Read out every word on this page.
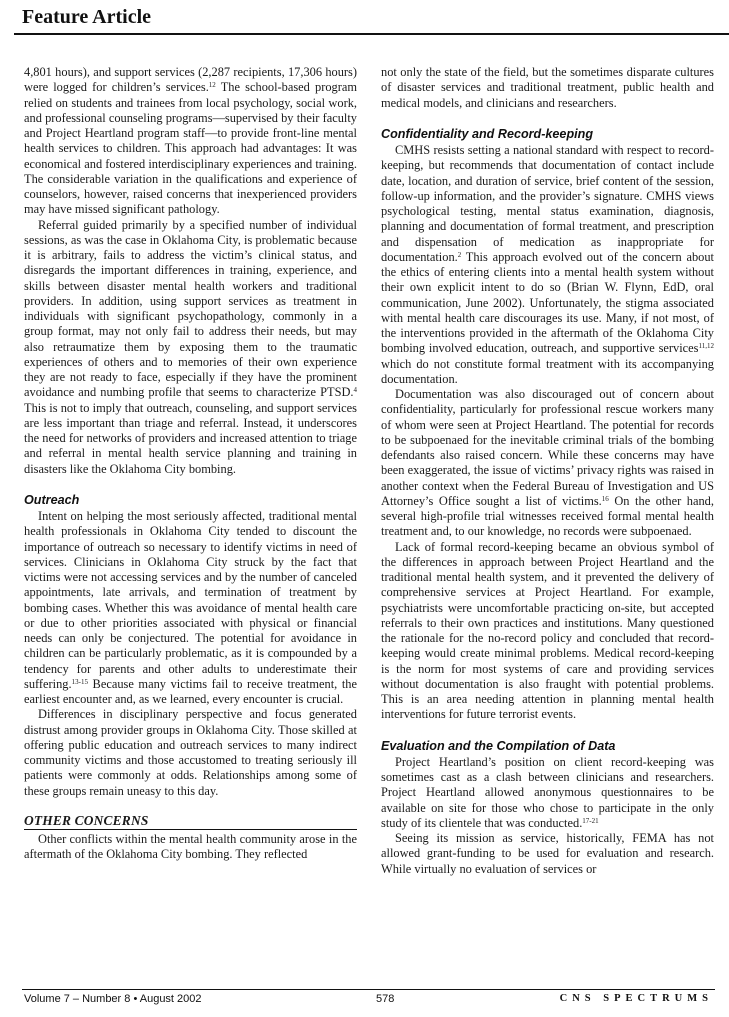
Feature Article

4,801 hours), and support services (2,287 recipients, 17,306 hours) were logged for children’s services.$^{12}$ The school-based program relied on students and trainees from local psychology, social work, and professional counseling programs—supervised by their faculty and Project Heartland program staff—to provide front-line mental health services to children. This approach had advantages: It was economical and fostered interdisciplinary experiences and training. The considerable variation in the qualifications and experience of counselors, however, raised concerns that inexperienced providers may have missed significant pathology.

Referral guided primarily by a specified number of individual sessions, as was the case in Oklahoma City, is problematic because it is arbitrary, fails to address the victim’s clinical status, and disregards the important differences in training, experience, and skills between disaster mental health workers and traditional providers. In addition, using support services as treatment in individuals with significant psychopathology, commonly in a group format, may not only fail to address their needs, but may also retraumatize them by exposing them to the traumatic experiences of others and to memories of their own experience they are not ready to face, especially if they have the prominent avoidance and numbing profile that seems to characterize PTSD.$^4$ This is not to imply that outreach, counseling, and support services are less important than triage and referral. Instead, it underscores the need for networks of providers and increased attention to triage and referral in mental health service planning and training in disasters like the Oklahoma City bombing.

Outreach

Intent on helping the most seriously affected, traditional mental health professionals in Oklahoma City tended to discount the importance of outreach so necessary to identify victims in need of services. Clinicians in Oklahoma City struck by the fact that victims were not accessing services and by the number of canceled appointments, late arrivals, and termination of treatment by bombing cases. Whether this was avoidance of mental health care or due to other priorities associated with physical or financial needs can only be conjectured. The potential for avoidance in children can be particularly problematic, as it is compounded by a tendency for parents and other adults to underestimate their suffering.$^{13-15}$ Because many victims fail to receive treatment, the earliest encounter and, as we learned, every encounter is crucial.

Differences in disciplinary perspective and focus generated distrust among provider groups in Oklahoma City. Those skilled at offering public education and outreach services to many indirect community victims and those accustomed to treating seriously ill patients were commonly at odds. Relationships among some of these groups remain uneasy to this day.

OTHER CONCERNS

Other conflicts within the mental health community arose in the aftermath of the Oklahoma City bombing. They reflected

not only the state of the field, but the sometimes disparate cultures of disaster services and traditional treatment, public health and medical models, and clinicians and researchers.

Confidentiality and Record-keeping

CMHS resists setting a national standard with respect to record-keeping, but recommends that documentation of contact include date, location, and duration of service, brief content of the session, follow-up information, and the provider’s signature. CMHS views psychological testing, mental status examination, diagnosis, planning and documentation of formal treatment, and prescription and dispensation of medication as inappropriate for documentation.$^2$ This approach evolved out of the concern about the ethics of entering clients into a mental health system without their own explicit intent to do so (Brian W. Flynn, EdD, oral communication, June 2002). Unfortunately, the stigma associated with mental health care discourages its use. Many, if not most, of the interventions provided in the aftermath of the Oklahoma City bombing involved education, outreach, and supportive services$^{11,12}$ which do not constitute formal treatment with its accompanying documentation.

Documentation was also discouraged out of concern about confidentiality, particularly for professional rescue workers many of whom were seen at Project Heartland. The potential for records to be subpoenaed for the inevitable criminal trials of the bombing defendants also raised concern. While these concerns may have been exaggerated, the issue of victims’ privacy rights was raised in another context when the Federal Bureau of Investigation and US Attorney’s Office sought a list of victims.$^{16}$ On the other hand, several high-profile trial witnesses received formal mental health treatment and, to our knowledge, no records were subpoenaed.

Lack of formal record-keeping became an obvious symbol of the differences in approach between Project Heartland and the traditional mental health system, and it prevented the delivery of comprehensive services at Project Heartland. For example, psychiatrists were uncomfortable practicing on-site, but accepted referrals to their own practices and institutions. Many questioned the rationale for the no-record policy and concluded that record-keeping would create minimal problems. Medical record-keeping is the norm for most systems of care and providing services without documentation is also fraught with potential problems. This is an area needing attention in planning mental health interventions for future terrorist events.

Evaluation and the Compilation of Data

Project Heartland’s position on client record-keeping was sometimes cast as a clash between clinicians and researchers. Project Heartland allowed anonymous questionnaires to be available on site for those who chose to participate in the only study of its clientele that was conducted.$^{17-21}$

Seeing its mission as service, historically, FEMA has not allowed grant-funding to be used for evaluation and research. While virtually no evaluation of services or

Volume 7 – Number 8 • August 2002	578	CNS SPECTRUMS
